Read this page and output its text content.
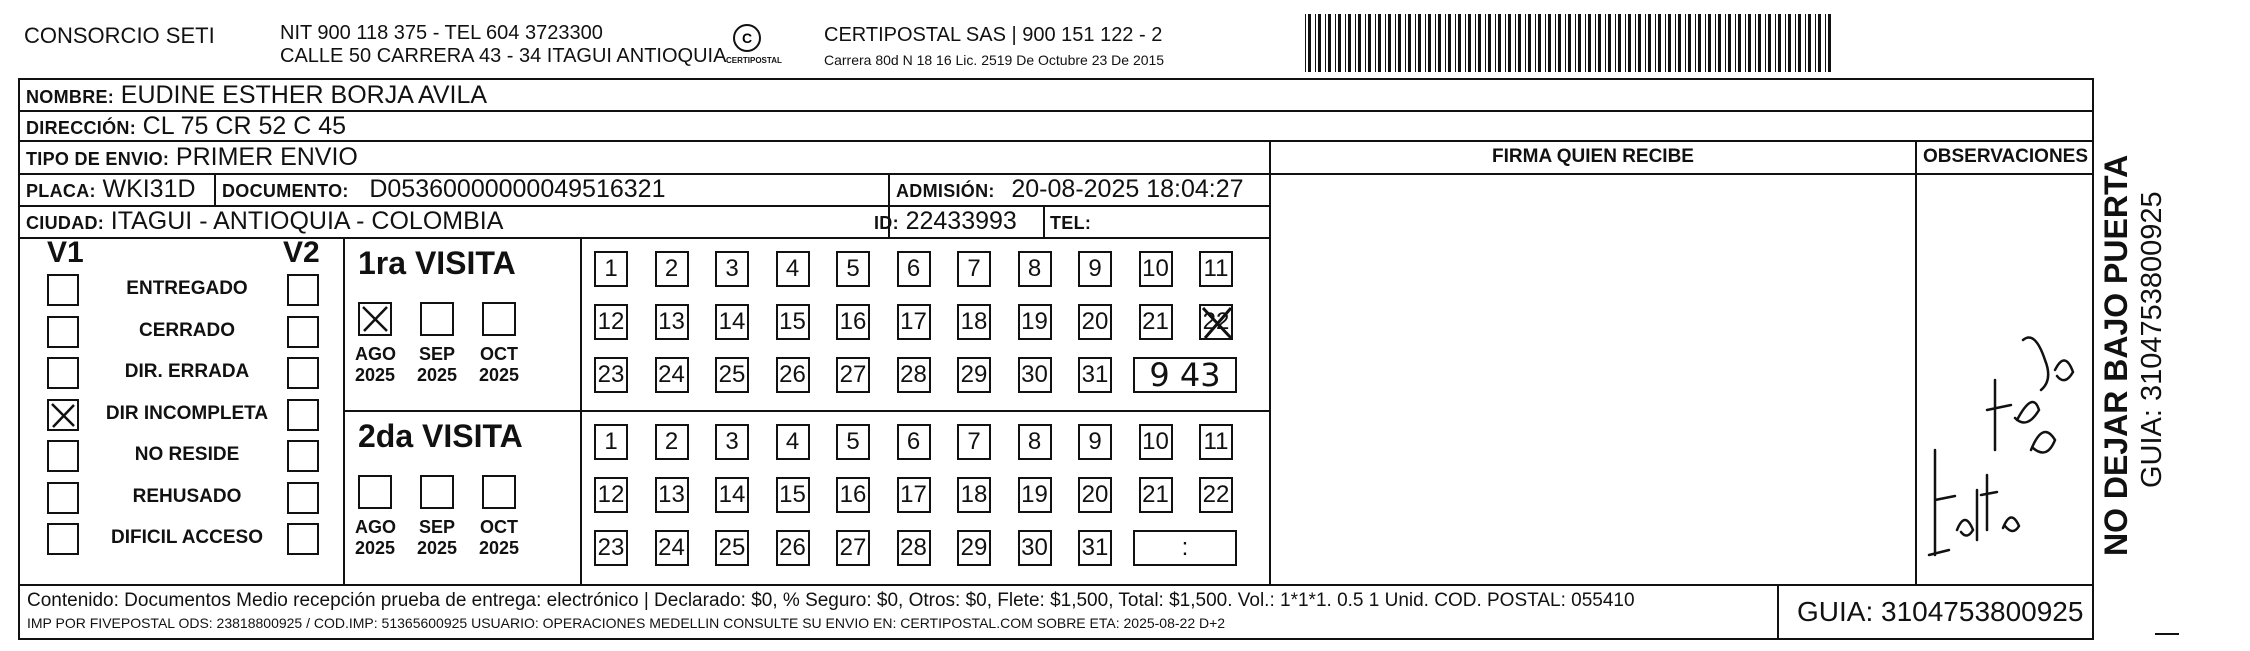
CONSORCIO SETI	NIT 900 118 375 - TEL 604 3723300
CALLE 50 CARRERA 43 - 34 ITAGUI ANTIOQUIA
C
CERTIPOSTAL
CERTIPOSTAL SAS | 900 151 122 - 2
Carrera 80d N 18 16 Lic. 2519 De Octubre 23 De 2015
NOMBRE: EUDINE ESTHER BORJA AVILA
DIRECCIÓN: CL 75 CR 52 C 45
TIPO DE ENVIO: PRIMER ENVIO
PLACA: WKI31D DOCUMENTO: D05360000000049516321	ADMISIÓN: 20-08-2025 18:04:27
CIUDAD: ITAGUI - ANTIOQUIA - COLOMBIA	ID: 22433993 TEL:
FIRMA QUIEN RECIBE	OBSERVACIONES
V1	V2
ENTREGADO
CERRADO
DIR. ERRADA
DIR INCOMPLETA
NO RESIDE
REHUSADO
DIFICIL ACCESO
1ra VISITA
AGO
2025
SEP
2025
OCT
2025
1	2	3	4	5	6	7	8	9	10 11
12 13 14 15 16 17 18 19 20 21 22
23 24 25 26 27 28 29 30 31	9 43
2da VISITA
AGO
2025
SEP
2025
OCT
2025
1	2	3	4	5	6	7	8	9	10 11
12 13 14 15 16 17 18 19 20 21 22
23 24 25 26 27 28 29 30 31	:
Falta Ble Apto	NO DEJAR BAJO PUERTA GUIA: 3104753800925
Contenido: Documentos Medio recepción prueba de entrega: electrónico | Declarado: $0, % Seguro: $0, Otros: $0, Flete: $1,500, Total: $1,500. Vol.: 1*1*1. 0.5 1 Unid. COD. POSTAL: 055410
IMP POR FIVEPOSTAL ODS: 23818800925 / COD.IMP: 51365600925 USUARIO: OPERACIONES MEDELLIN CONSULTE SU ENVIO EN: CERTIPOSTAL.COM SOBRE ETA: 2025-08-22 D+2	GUIA: 3104753800925
